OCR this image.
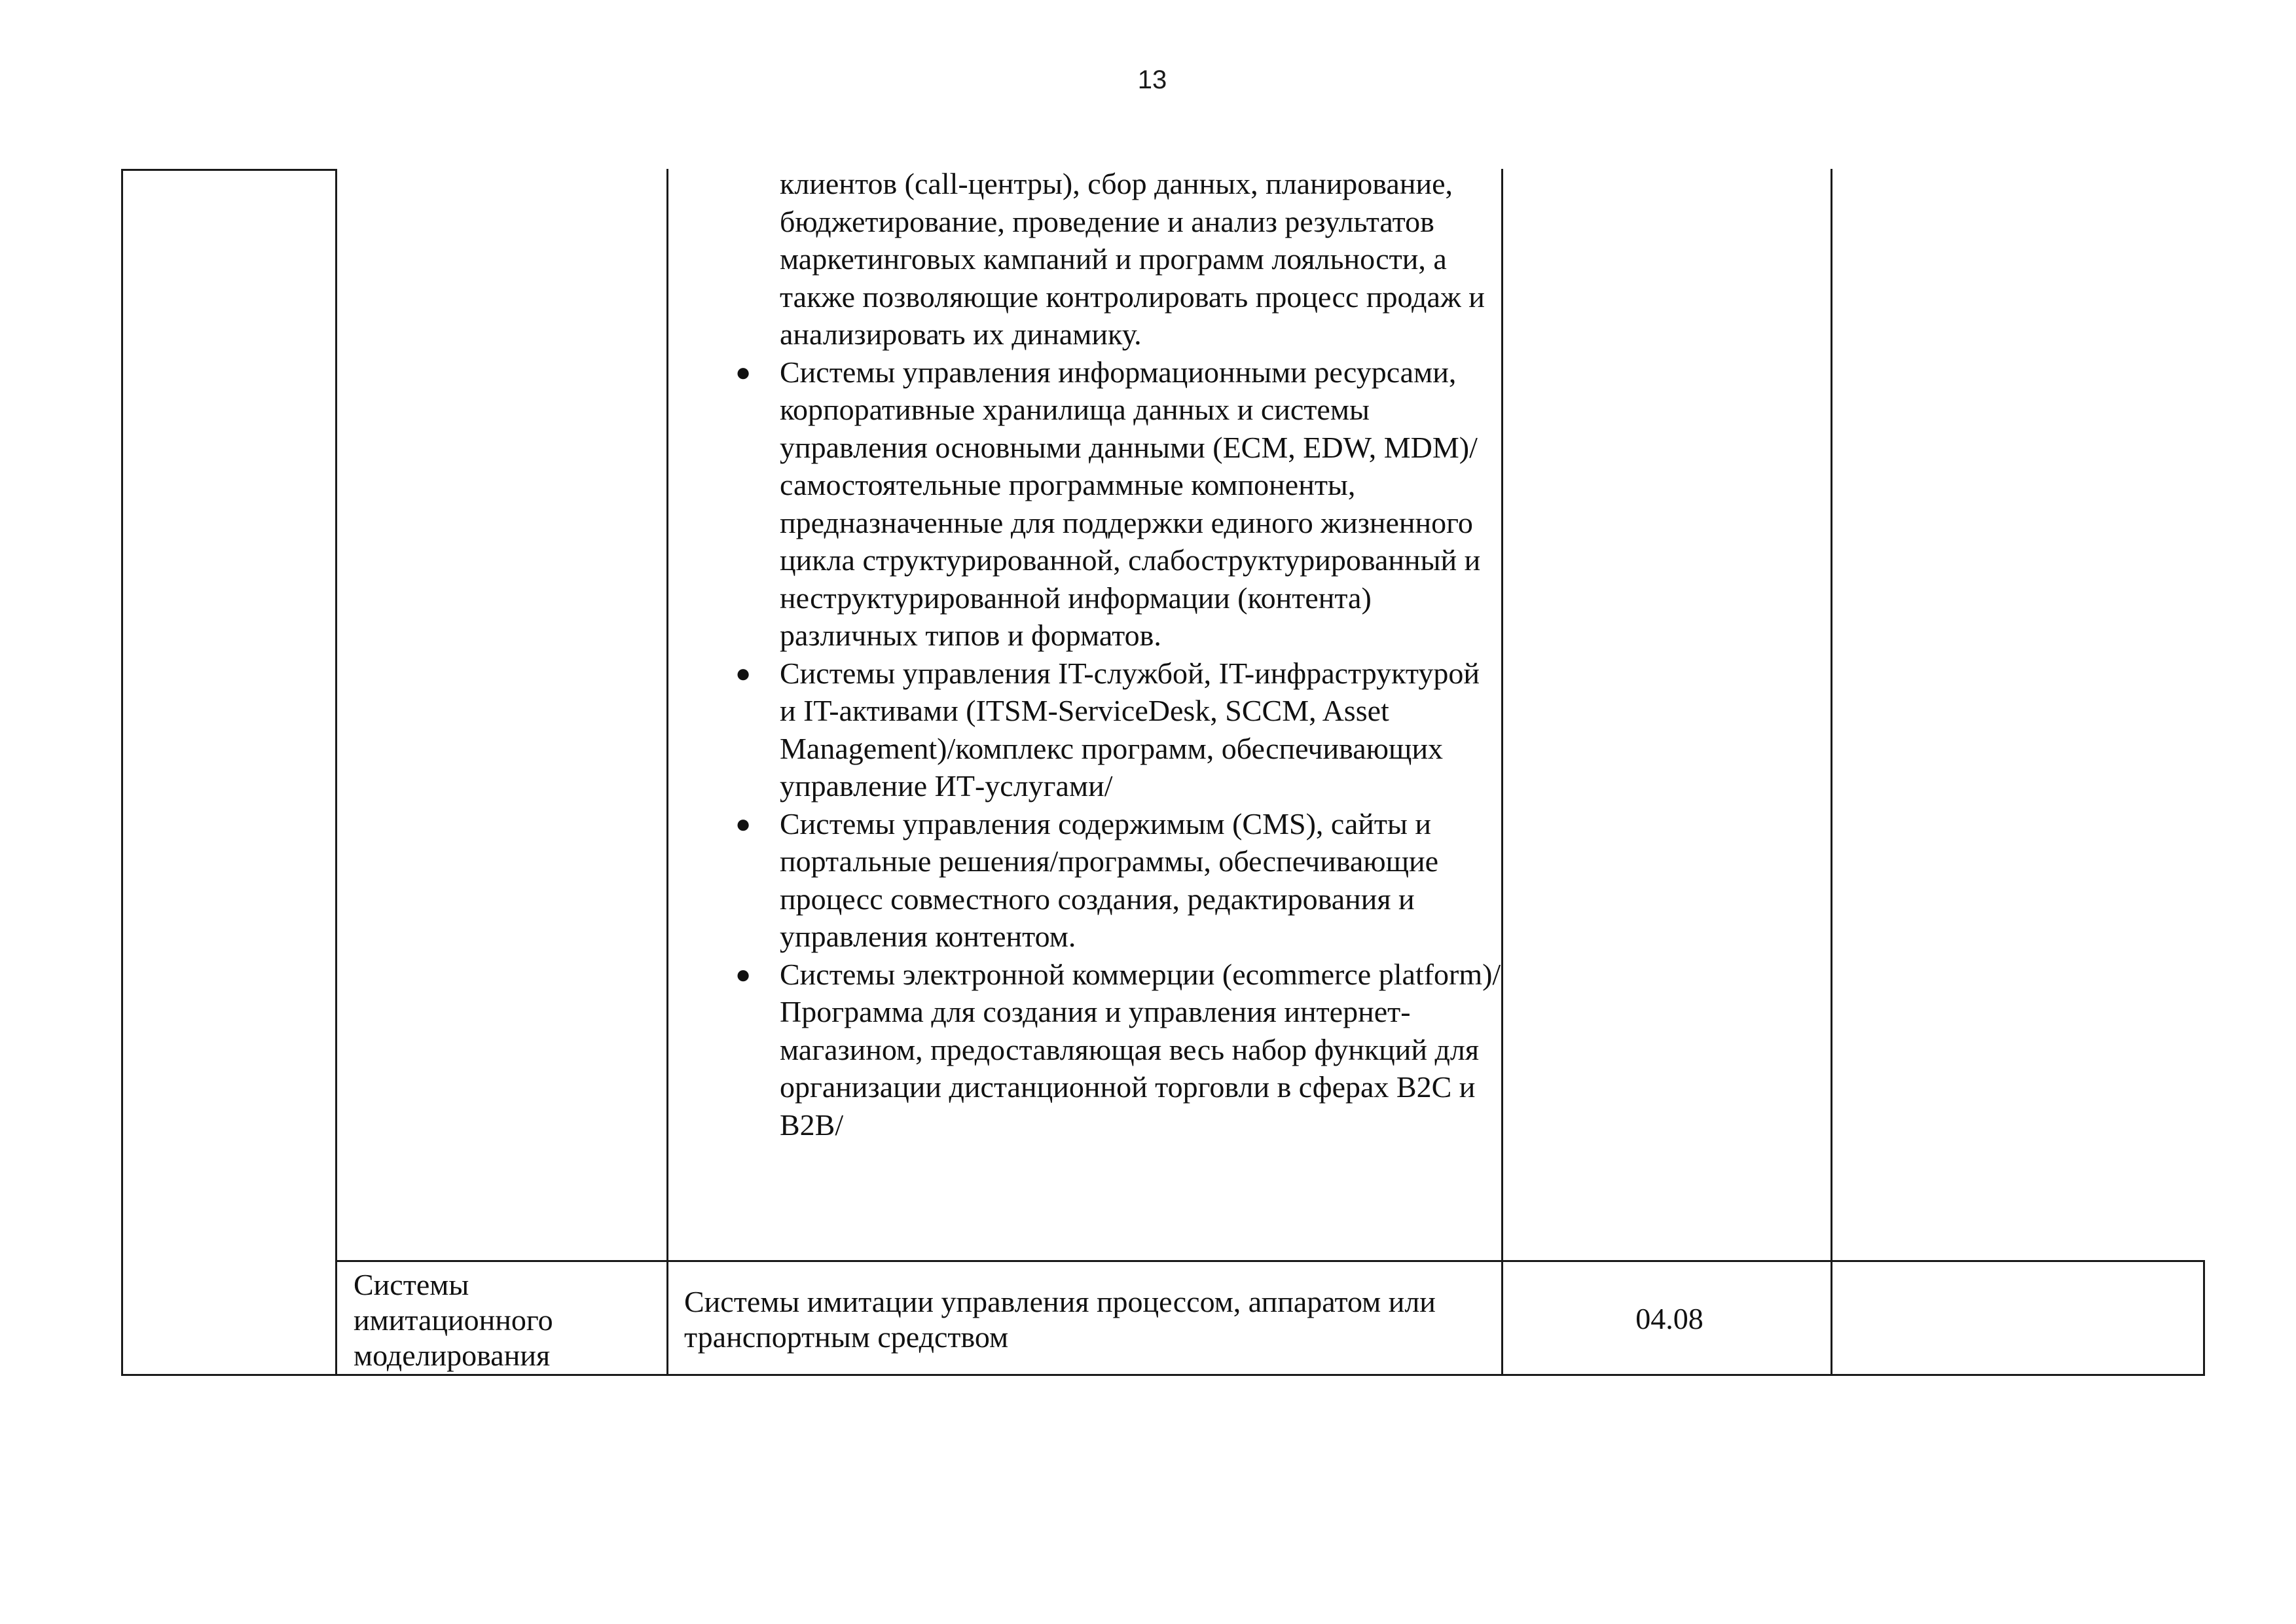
13
клиентов (call-центры), сбор данных, планирование, бюджетирование, проведение и анализ результатов маркетинговых кампаний и программ лояльности, а также позволяющие контролировать процесс продаж и анализировать их динамику.
● Системы управления информационными ресурсами, корпоративные хранилища данных и системы управления основными данными (ECM, EDW, MDM)/самостоятельные программные компоненты, предназначенные для поддержки единого жизненного цикла структурированной, слабоструктурированный и неструктурированной информации (контента) различных типов и форматов.
● Системы управления IT-службой, IT-инфраструктурой и IT-активами (ITSM-ServiceDesk, SCCM, Asset Management)/комплекс программ, обеспечивающих управление ИТ-услугами/
● Системы управления содержимым (CMS), сайты и портальные решения/программы, обеспечивающие процесс совместного создания, редактирования и управления контентом.
● Системы электронной коммерции (ecommerce platform)/Программа для создания и управления интернет-магазином, предоставляющая весь набор функций для организации дистанционной торговли в сферах B2C и B2B/
Системы имитационного моделирования
Системы имитации управления процессом, аппаратом или транспортным средством
04.08
